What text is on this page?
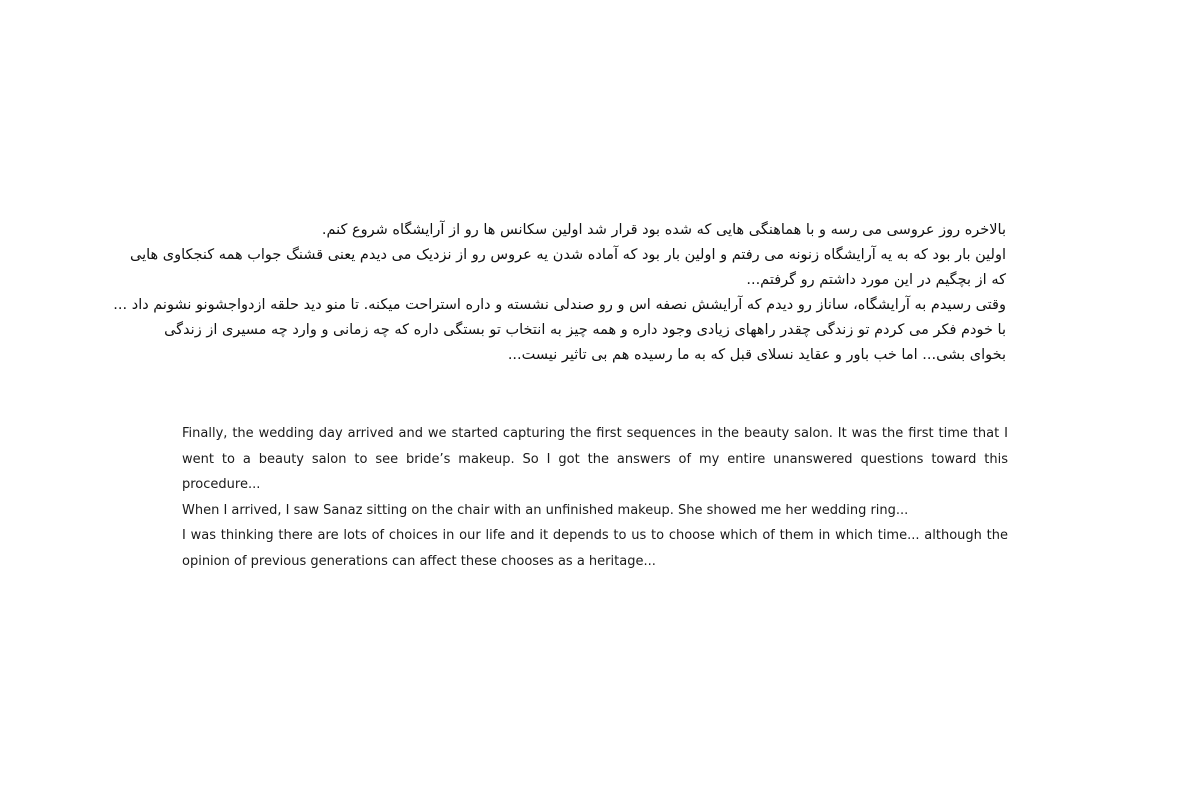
بالاخره روز عروسی می رسه و با هماهنگی هایی که شده بود قرار شد اولین سکانس ها رو از آرایشگاه شروع کنم.
اولین بار بود که به یه آرایشگاه زنونه می رفتم و اولین بار بود که آماده شدن یه عروس رو از نزدیک می دیدم یعنی قشنگ جواب همه کنجکاوی هایی
که از بچگیم در این مورد داشتم رو گرفتم...
وقتی رسیدم به آرایشگاه، ساناز رو دیدم که آرایشش نصفه اس و رو صندلی نشسته و داره استراحت میکنه. تا منو دید حلقه ازدواجشونو نشونم داد ...
با خودم فکر می کردم تو زندگی چقدر راههای زیادی وجود داره و همه چیز به انتخاب تو بستگی داره که چه زمانی و وارد چه مسیری از زندگی
بخوای بشی... اما خب باور و عقاید نسلای قبل که به ما رسیده هم بی تاثیر نیست...

Finally, the wedding day arrived and we started capturing the first sequences in the beauty salon. It was the first time that I went to a beauty salon to see bride’s makeup. So I got the answers of my entire unanswered questions toward this procedure...

When I arrived, I saw Sanaz sitting on the chair with an unfinished makeup. She showed me her wedding ring...

I was thinking there are lots of choices in our life and it depends to us to choose which of them in which time... although the opinion of previous generations can affect these chooses as a heritage...
